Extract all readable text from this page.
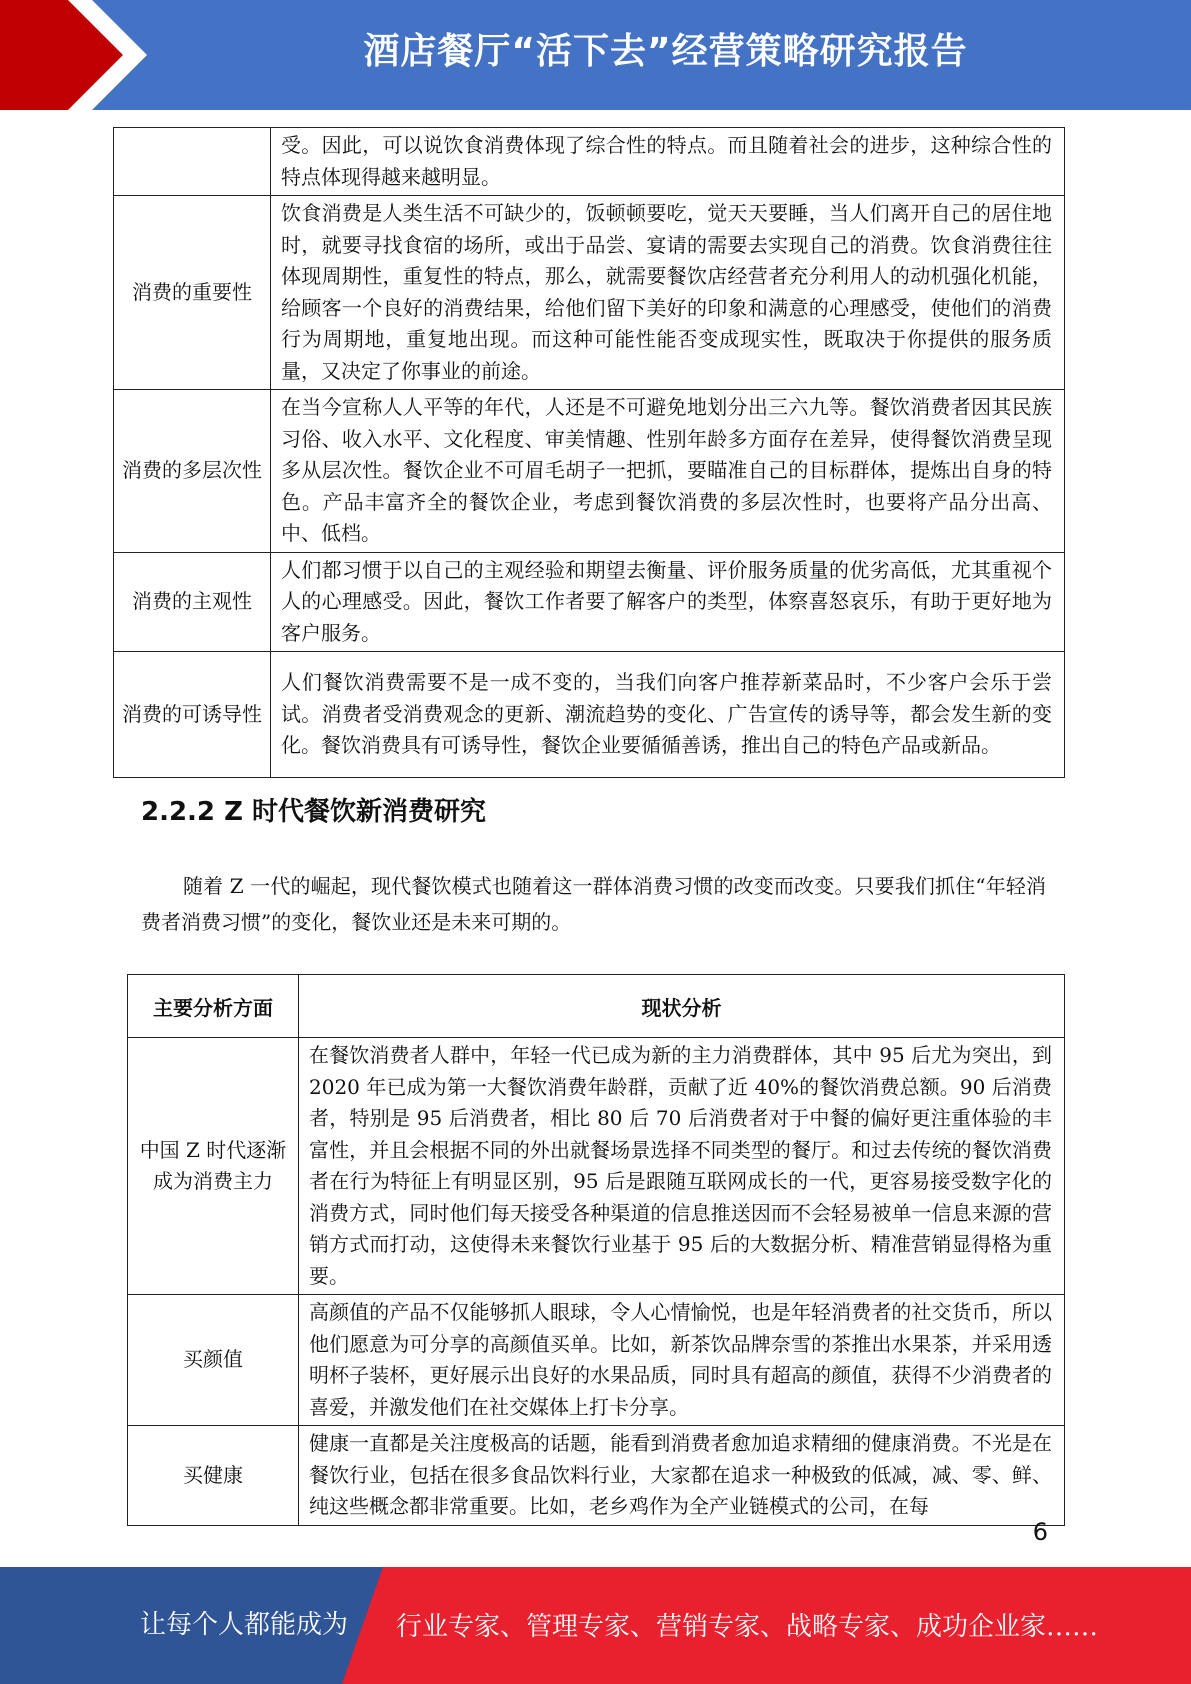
酒店餐厅“活下去”经营策略研究报告
	受。因此，可以说饮食消费体现了综合性的特点。而且随着社会的进步，这种综合性的特点体现得越来越明显。
消费的重要性	饮食消费是人类生活不可缺少的，饭顿顿要吃，觉天天要睡，当人们离开自己的居住地时，就要寻找食宿的场所，或出于品尝、宴请的需要去实现自己的消费。饮食消费往往体现周期性，重复性的特点，那么，就需要餐饮店经营者充分利用人的动机强化机能，给顾客一个良好的消费结果，给他们留下美好的印象和满意的心理感受，使他们的消费行为周期地，重复地出现。而这种可能性能否变成现实性，既取决于你提供的服务质量，又决定了你事业的前途。
消费的多层次性	在当今宣称人人平等的年代，人还是不可避免地划分出三六九等。餐饮消费者因其民族习俗、收入水平、文化程度、审美情趣、性别年龄多方面存在差异，使得餐饮消费呈现多从层次性。餐饮企业不可眉毛胡子一把抓，要瞄准自己的目标群体，提炼出自身的特色。产品丰富齐全的餐饮企业，考虑到餐饮消费的多层次性时，也要将产品分出高、中、低档。
消费的主观性	人们都习惯于以自己的主观经验和期望去衡量、评价服务质量的优劣高低，尤其重视个人的心理感受。因此，餐饮工作者要了解客户的类型，体察喜怒哀乐，有助于更好地为客户服务。
消费的可诱导性	人们餐饮消费需要不是一成不变的，当我们向客户推荐新菜品时，不少客户会乐于尝试。消费者受消费观念的更新、潮流趋势的变化、广告宣传的诱导等，都会发生新的变化。餐饮消费具有可诱导性，餐饮企业要循循善诱，推出自己的特色产品或新品。
2.2.2 Z 时代餐饮新消费研究

随着 Z 一代的崛起，现代餐饮模式也随着这一群体消费习惯的改变而改变。只要我们抓住“年轻消费者消费习惯”的变化，餐饮业还是未来可期的。

主要分析方面	现状分析
中国 Z 时代逐渐成为消费主力	在餐饮消费者人群中，年轻一代已成为新的主力消费群体，其中 95 后尤为突出，到 2020 年已成为第一大餐饮消费年龄群，贡献了近 40%的餐饮消费总额。90 后消费者，特别是 95 后消费者，相比 80 后 70 后消费者对于中餐的偏好更注重体验的丰富性，并且会根据不同的外出就餐场景选择不同类型的餐厅。和过去传统的餐饮消费者在行为特征上有明显区别，95 后是跟随互联网成长的一代，更容易接受数字化的消费方式，同时他们每天接受各种渠道的信息推送因而不会轻易被单一信息来源的营销方式而打动，这使得未来餐饮行业基于 95 后的大数据分析、精准营销显得格为重要。
买颜值	高颜值的产品不仅能够抓人眼球，令人心情愉悦，也是年轻消费者的社交货币，所以他们愿意为可分享的高颜值买单。比如，新茶饮品牌奈雪的茶推出水果茶，并采用透明杯子装杯，更好展示出良好的水果品质，同时具有超高的颜值，获得不少消费者的喜爱，并激发他们在社交媒体上打卡分享。
买健康	健康一直都是关注度极高的话题，能看到消费者愈加追求精细的健康消费。不光是在餐饮行业，包括在很多食品饮料行业，大家都在追求一种极致的低减，减、零、鲜、纯这些概念都非常重要。比如，老乡鸡作为全产业链模式的公司，在每
6
让每个人都能成为 行业专家、管理专家、营销专家、战略专家、成功企业家……
